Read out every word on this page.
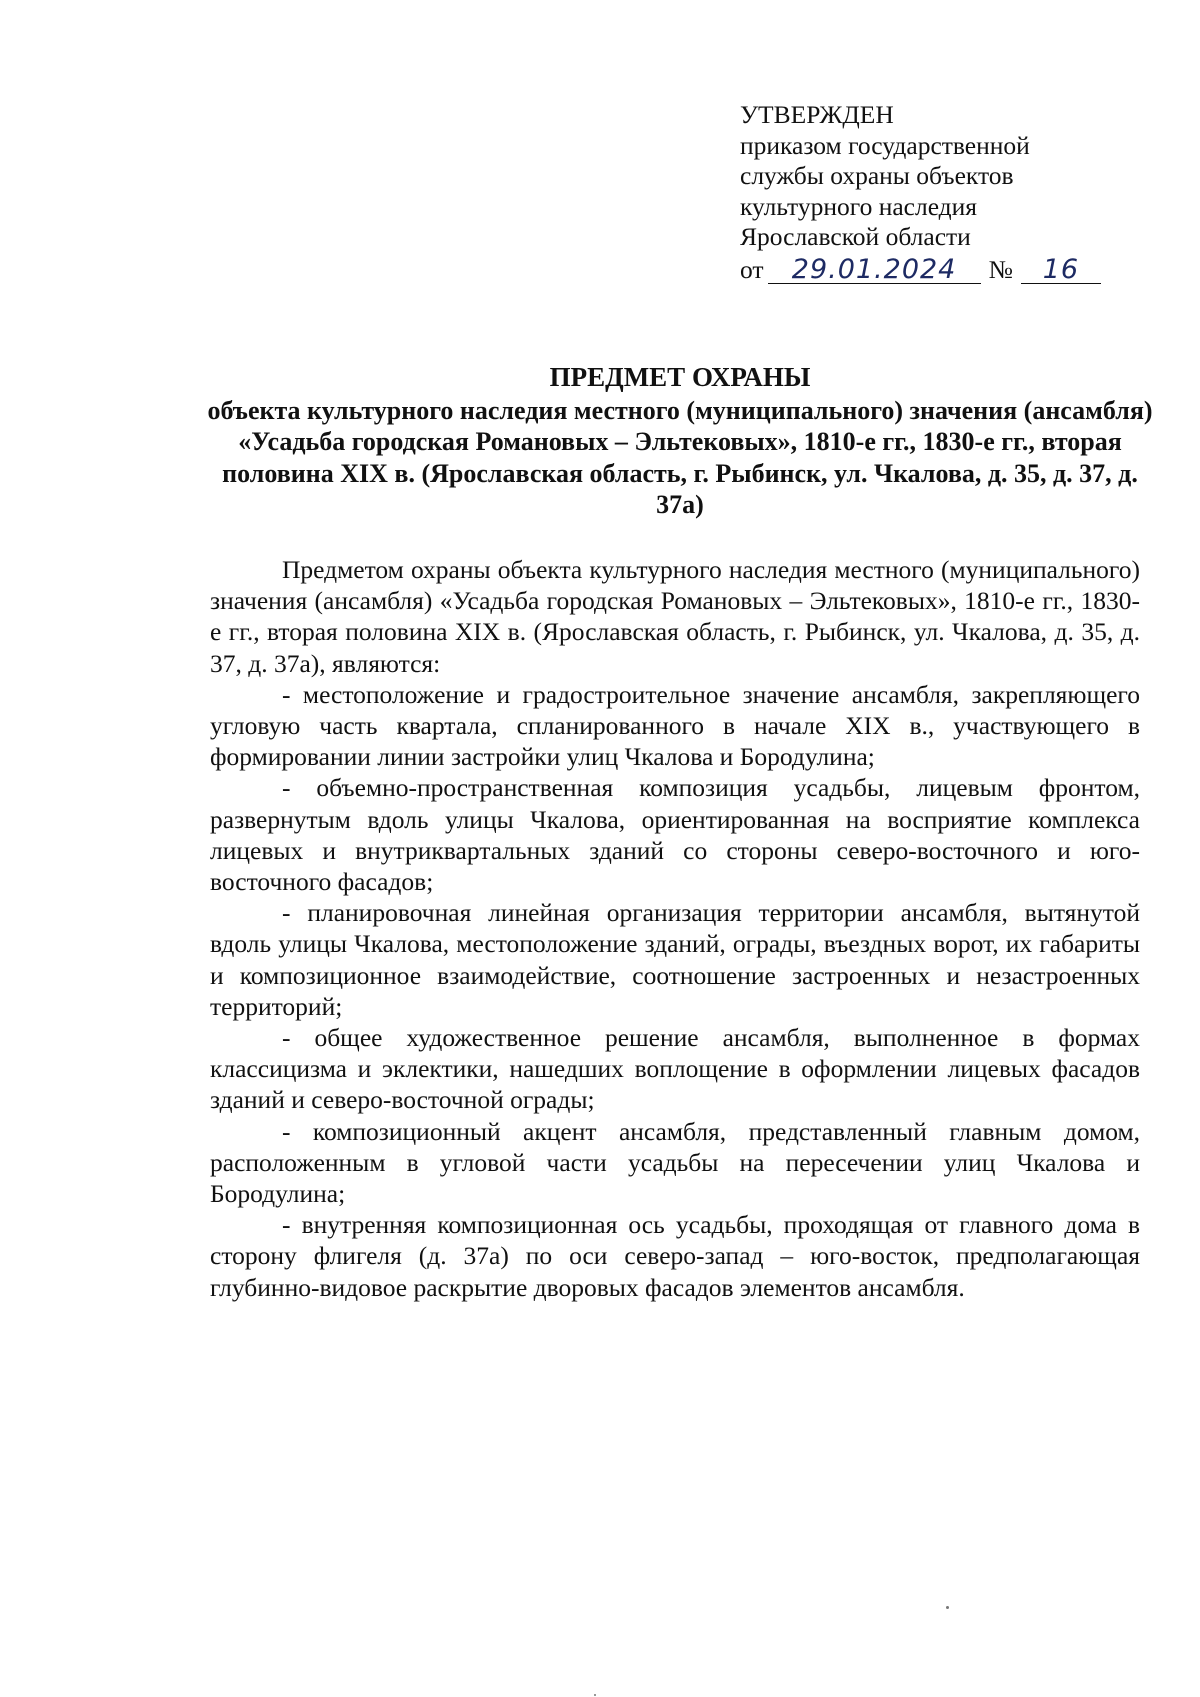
УТВЕРЖДЕН
приказом государственной
службы охраны объектов
культурного наследия
Ярославской области
от 29.01.2024 № 16
ПРЕДМЕТ ОХРАНЫ
объекта культурного наследия местного (муниципального) значения (ансамбля) «Усадьба городская Романовых – Эльтековых», 1810-е гг., 1830-е гг., вторая половина XIX в. (Ярославская область, г. Рыбинск, ул. Чкалова, д. 35, д. 37, д. 37а)

Предметом охраны объекта культурного наследия местного (муниципального) значения (ансамбля) «Усадьба городская Романовых – Эльтековых», 1810-е гг., 1830-е гг., вторая половина XIX в. (Ярославская область, г. Рыбинск, ул. Чкалова, д. 35, д. 37, д. 37а), являются:

- местоположение и градостроительное значение ансамбля, закрепляющего угловую часть квартала, спланированного в начале XIX в., участвующего в формировании линии застройки улиц Чкалова и Бородулина;

- объемно-пространственная композиция усадьбы, лицевым фронтом, развернутым вдоль улицы Чкалова, ориентированная на восприятие комплекса лицевых и внутриквартальных зданий со стороны северо-восточного и юго-восточного фасадов;

- планировочная линейная организация территории ансамбля, вытянутой вдоль улицы Чкалова, местоположение зданий, ограды, въездных ворот, их габариты и композиционное взаимодействие, соотношение застроенных и незастроенных территорий;

- общее художественное решение ансамбля, выполненное в формах классицизма и эклектики, нашедших воплощение в оформлении лицевых фасадов зданий и северо-восточной ограды;

- композиционный акцент ансамбля, представленный главным домом, расположенным в угловой части усадьбы на пересечении улиц Чкалова и Бородулина;

- внутренняя композиционная ось усадьбы, проходящая от главного дома в сторону флигеля (д. 37а) по оси северо-запад – юго-восток, предполагающая глубинно-видовое раскрытие дворовых фасадов элементов ансамбля.
